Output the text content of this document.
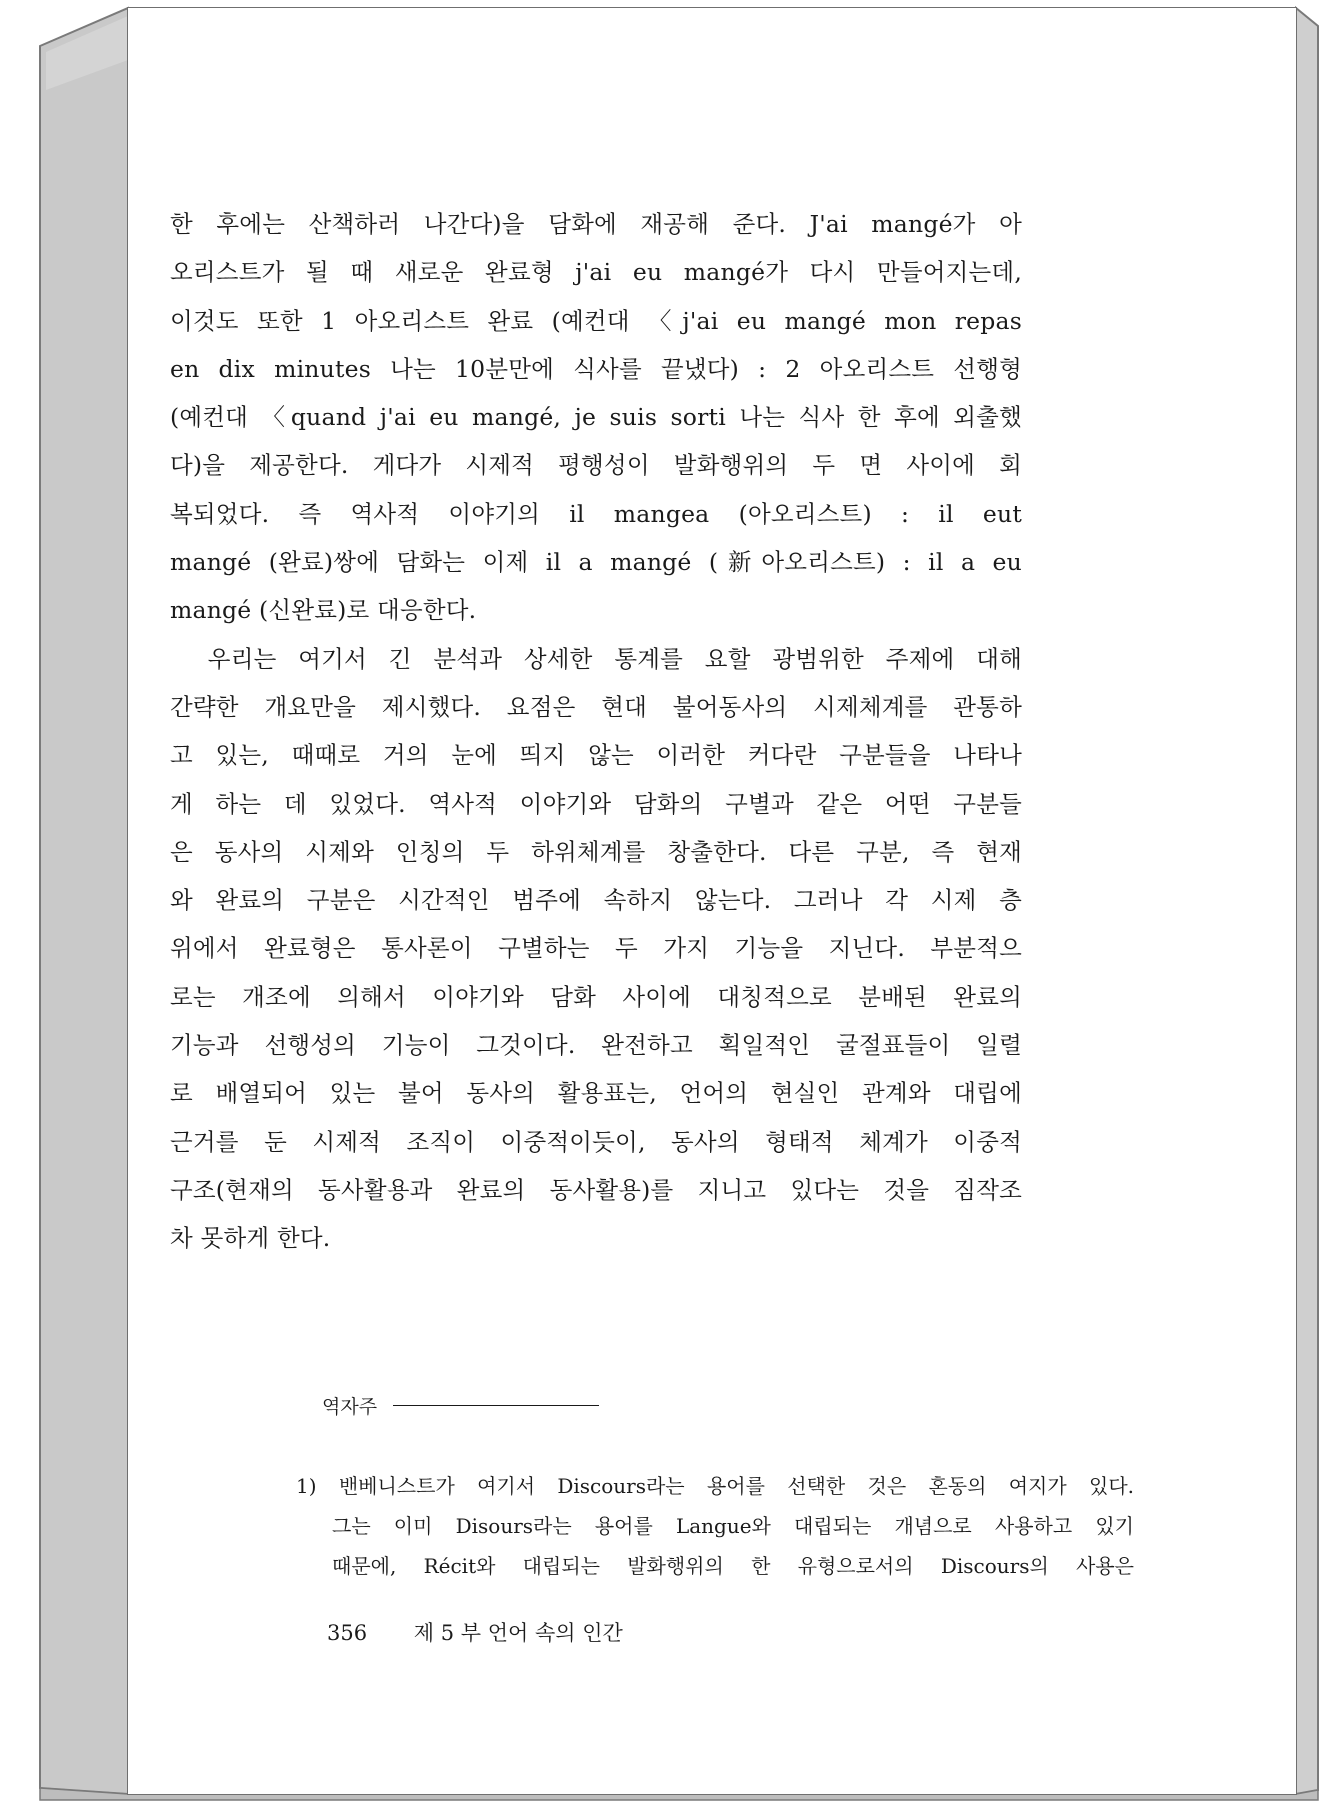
한 후에는 산책하러 나간다)을 담화에 재공해 준다. J'ai mangé가 아
오리스트가 될 때 새로운 완료형 j'ai eu mangé가 다시 만들어지는데,
이것도 또한 1 아오리스트 완료 (예컨대 〈j'ai eu mangé mon repas
en dix minutes 나는 10분만에 식사를 끝냈다) : 2 아오리스트 선행형
(예컨대 〈quand j'ai eu mangé, je suis sorti 나는 식사 한 후에 외출했
다)을 제공한다. 게다가 시제적 평행성이 발화행위의 두 면 사이에 회
복되었다. 즉 역사적 이야기의 il mangea (아오리스트) : il eut
mangé (완료)쌍에 담화는 이제 il a mangé (新아오리스트) : il a eu
mangé (신완료)로 대응한다.
　우리는 여기서 긴 분석과 상세한 통계를 요할 광범위한 주제에 대해
간략한 개요만을 제시했다. 요점은 현대 불어동사의 시제체계를 관통하
고 있는, 때때로 거의 눈에 띄지 않는 이러한 커다란 구분들을 나타나
게 하는 데 있었다. 역사적 이야기와 담화의 구별과 같은 어떤 구분들
은 동사의 시제와 인칭의 두 하위체계를 창출한다. 다른 구분, 즉 현재
와 완료의 구분은 시간적인 범주에 속하지 않는다. 그러나 각 시제 층
위에서 완료형은 통사론이 구별하는 두 가지 기능을 지닌다. 부분적으
로는 개조에 의해서 이야기와 담화 사이에 대칭적으로 분배된 완료의
기능과 선행성의 기능이 그것이다. 완전하고 획일적인 굴절표들이 일렬
로 배열되어 있는 불어 동사의 활용표는, 언어의 현실인 관계와 대립에
근거를 둔 시제적 조직이 이중적이듯이, 동사의 형태적 체계가 이중적
구조(현재의 동사활용과 완료의 동사활용)를 지니고 있다는 것을 짐작조
차 못하게 한다.
역자주
1) 밴베니스트가 여기서 Discours라는 용어를 선택한 것은 혼동의 여지가 있다.
그는 이미 Disours라는 용어를 Langue와 대립되는 개념으로 사용하고 있기
때문에, Récit와 대립되는 발화행위의 한 유형으로서의 Discours의 사용은
356 제 5 부 언어 속의 인간
